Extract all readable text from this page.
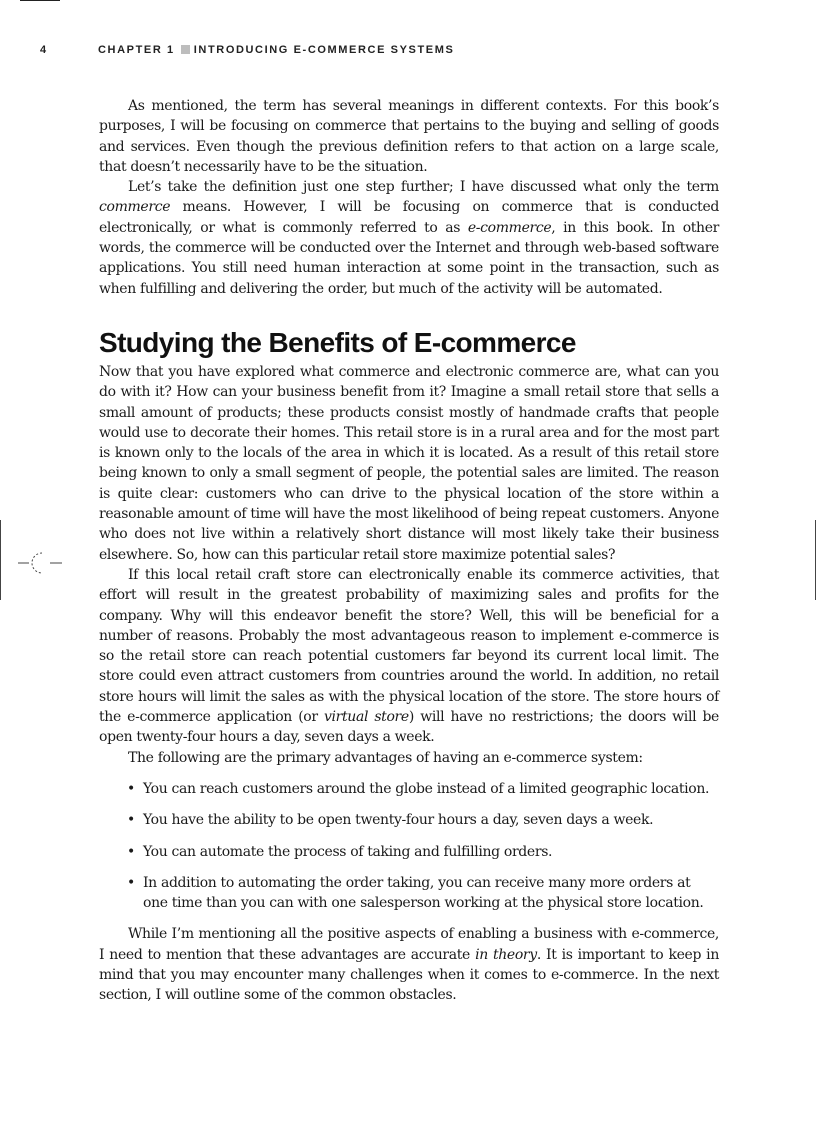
4	CHAPTER 1 INTRODUCING E-COMMERCE SYSTEMS

As mentioned, the term has several meanings in different contexts. For this book’s purposes, I will be focusing on commerce that pertains to the buying and selling of goods and services. Even though the previous definition refers to that action on a large scale, that doesn’t necessarily have to be the situation.

Let’s take the definition just one step further; I have discussed what only the term commerce means. However, I will be focusing on commerce that is conducted electronically, or what is commonly referred to as e-commerce, in this book. In other words, the commerce will be conducted over the Internet and through web-based software applications. You still need human interaction at some point in the transaction, such as when fulfilling and delivering the order, but much of the activity will be automated.

Studying the Benefits of E-commerce

Now that you have explored what commerce and electronic commerce are, what can you do with it? How can your business benefit from it? Imagine a small retail store that sells a small amount of products; these products consist mostly of handmade crafts that people would use to decorate their homes. This retail store is in a rural area and for the most part is known only to the locals of the area in which it is located. As a result of this retail store being known to only a small segment of people, the potential sales are limited. The reason is quite clear: customers who can drive to the physical location of the store within a reasonable amount of time will have the most likelihood of being repeat customers. Anyone who does not live within a relatively short distance will most likely take their business elsewhere. So, how can this particular retail store maximize potential sales?

If this local retail craft store can electronically enable its commerce activities, that effort will result in the greatest probability of maximizing sales and profits for the company. Why will this endeavor benefit the store? Well, this will be beneficial for a number of reasons. Probably the most advantageous reason to implement e-commerce is so the retail store can reach potential customers far beyond its current local limit. The store could even attract customers from countries around the world. In addition, no retail store hours will limit the sales as with the physical location of the store. The store hours of the e-commerce application (or virtual store) will have no restrictions; the doors will be open twenty-four hours a day, seven days a week.

The following are the primary advantages of having an e-commerce system:

• You can reach customers around the globe instead of a limited geographic location.
• You have the ability to be open twenty-four hours a day, seven days a week.
• You can automate the process of taking and fulfilling orders.
• In addition to automating the order taking, you can receive many more orders at one time than you can with one salesperson working at the physical store location.

While I’m mentioning all the positive aspects of enabling a business with e-commerce, I need to mention that these advantages are accurate in theory. It is important to keep in mind that you may encounter many challenges when it comes to e-commerce. In the next section, I will outline some of the common obstacles.
